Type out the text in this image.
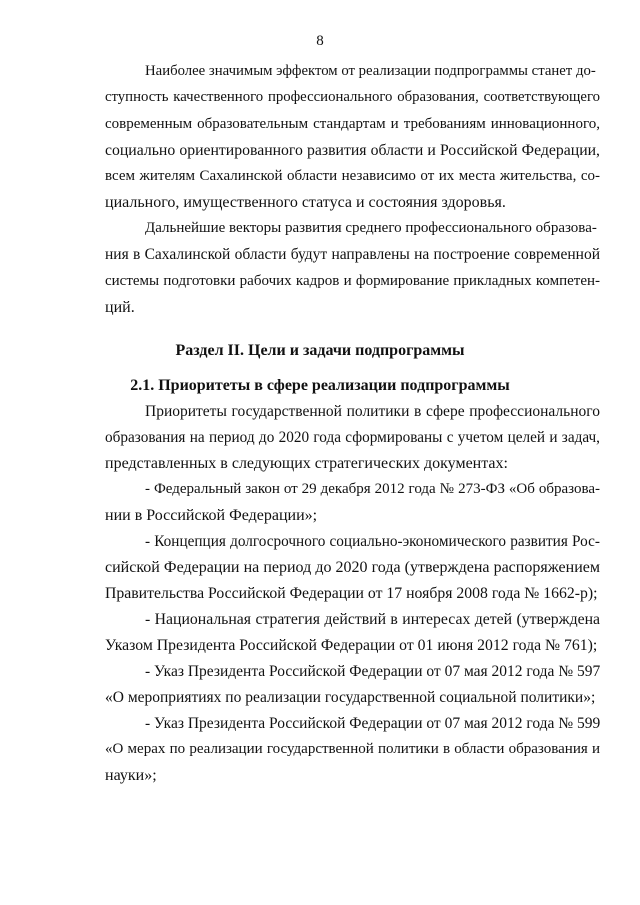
8
Наиболее значимым эффектом от реализации подпрограммы станет до-
ступность качественного профессионального образования, соответствующего
современным образовательным стандартам и требованиям инновационного,
социально ориентированного развития области и Российской Федерации,
всем жителям Сахалинской области независимо от их места жительства, со-
циального, имущественного статуса и состояния здоровья.
Дальнейшие векторы развития среднего профессионального образова-
ния в Сахалинской области будут направлены на построение современной
системы подготовки рабочих кадров и формирование прикладных компетен-
ций.
Раздел II. Цели и задачи подпрограммы
2.1. Приоритеты в сфере реализации подпрограммы
Приоритеты государственной политики в сфере профессионального
образования на период до 2020 года сформированы с учетом целей и задач,
представленных в следующих стратегических документах:
- Федеральный закон от 29 декабря 2012 года № 273-ФЗ «Об образова-
нии в Российской Федерации»;
- Концепция долгосрочного социально-экономического развития Рос-
сийской Федерации на период до 2020 года (утверждена распоряжением
Правительства Российской Федерации от 17 ноября 2008 года № 1662-р);
- Национальная стратегия действий в интересах детей (утверждена
Указом Президента Российской Федерации от 01 июня 2012 года № 761);
- Указ Президента Российской Федерации от 07 мая 2012 года № 597
«О мероприятиях по реализации государственной социальной политики»;
- Указ Президента Российской Федерации от 07 мая 2012 года № 599
«О мерах по реализации государственной политики в области образования и
науки»;
